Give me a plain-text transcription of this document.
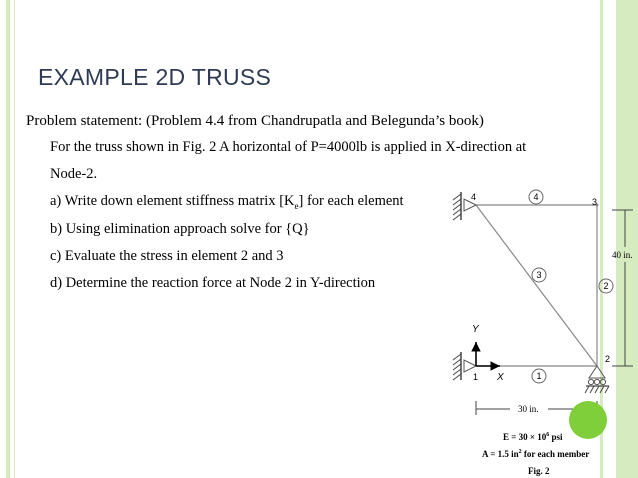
EXAMPLE 2D TRUSS
Problem statement: (Problem 4.4 from Chandrupatla and Belegunda’s book)
For the truss shown in Fig. 2 A horizontal of P=4000lb is applied in X-direction at
Node-2.
a) Write down element stiffness matrix $[K_e]$ for each element
b) Using elimination approach solve for {Q}
c) Evaluate the stress in element 2 and 3
d) Determine the reaction force at Node 2 in Y-direction
Y
X
4	3
1
2
4
3
2
1
40 in.
30 in.
$E = 30 \times 10^6$ psi
A = 1.5 $in^2$ for each member
Fig. 2
